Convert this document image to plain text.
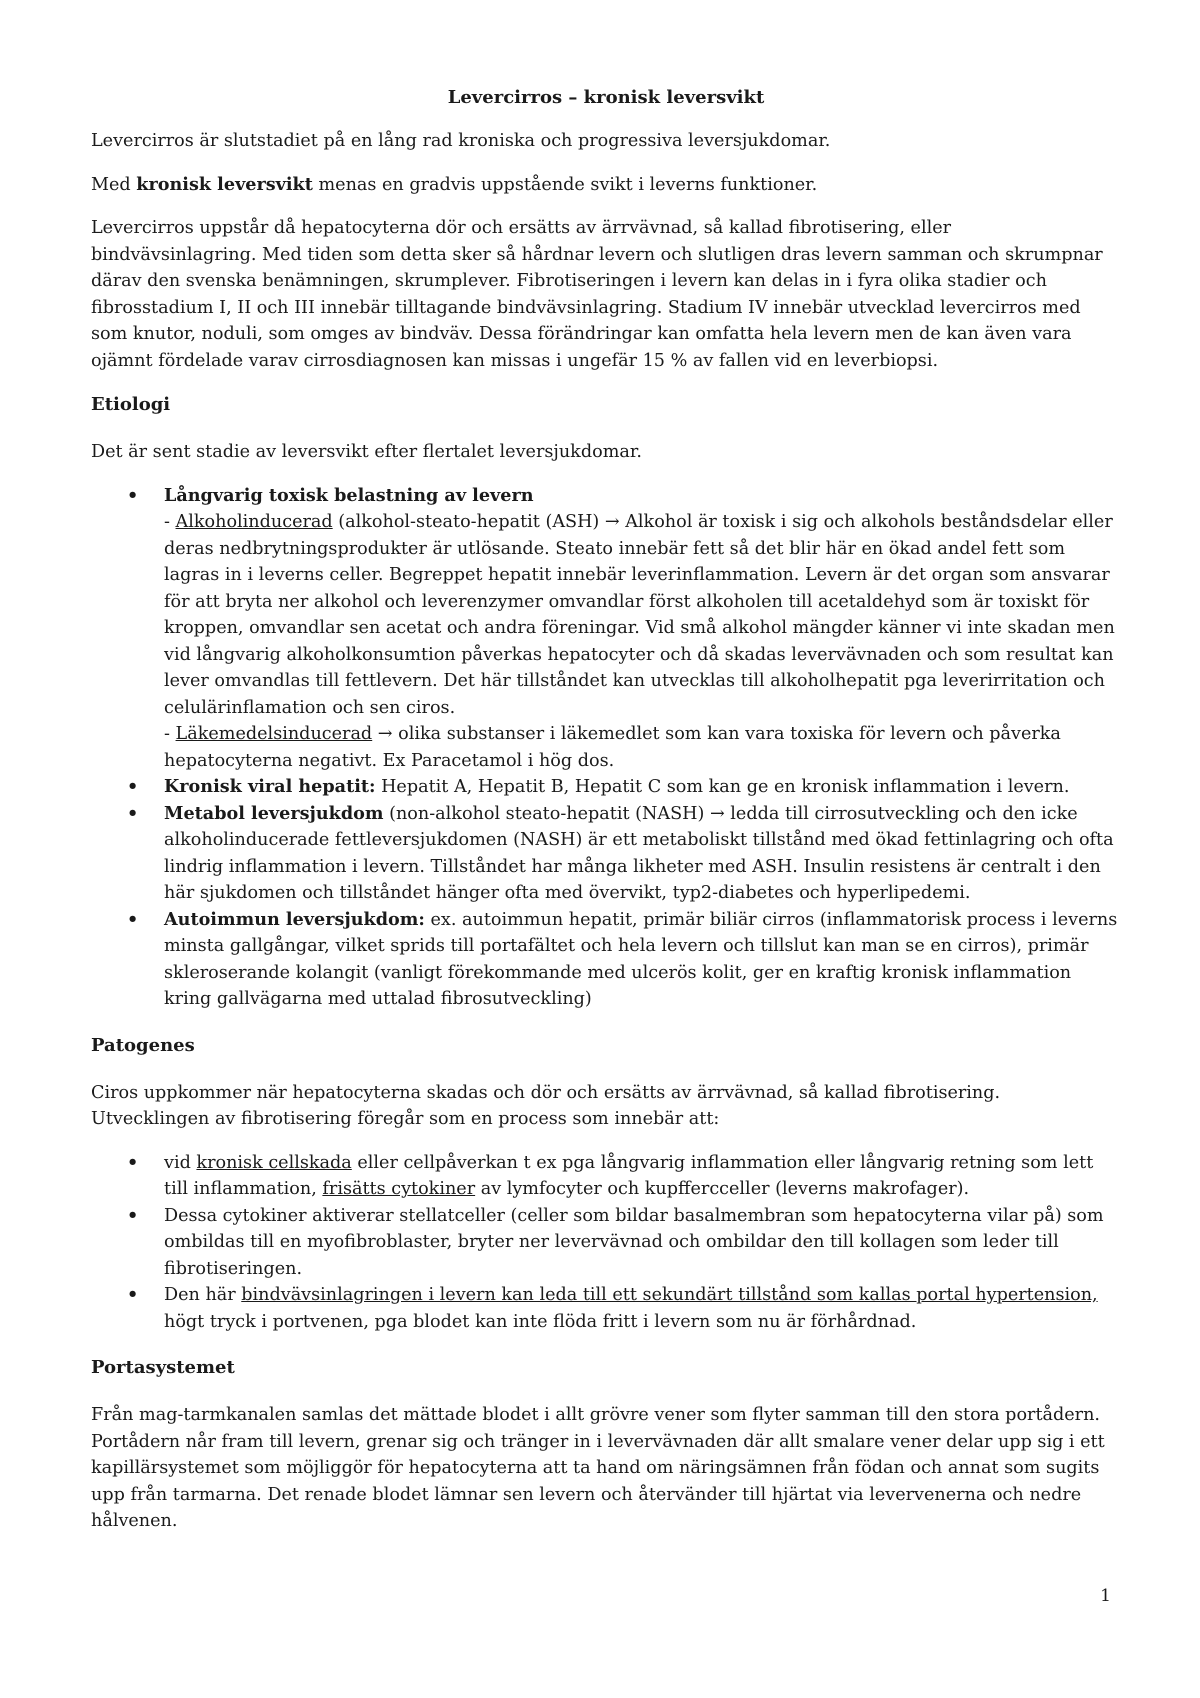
Levercirros – kronisk leversvikt

Levercirros är slutstadiet på en lång rad kroniska och progressiva leversjukdomar.

Med kronisk leversvikt menas en gradvis uppstående svikt i leverns funktioner.

Levercirros uppstår då hepatocyterna dör och ersätts av ärrvävnad, så kallad fibrotisering, eller bindvävsinlagring. Med tiden som detta sker så hårdnar levern och slutligen dras levern samman och skrumpnar därav den svenska benämningen, skrumplever. Fibrotiseringen i levern kan delas in i fyra olika stadier och fibrosstadium I, II och III innebär tilltagande bindvävsinlagring. Stadium IV innebär utvecklad levercirros med som knutor, noduli, som omges av bindväv. Dessa förändringar kan omfatta hela levern men de kan även vara ojämnt fördelade varav cirrosdiagnosen kan missas i ungefär 15 % av fallen vid en leverbiopsi.

Etiologi

Det är sent stadie av leversvikt efter flertalet leversjukdomar.

• Långvarig toxisk belastning av levern
- Alkoholinducerad (alkohol-steato-hepatit (ASH) → Alkohol är toxisk i sig och alkohols beståndsdelar eller deras nedbrytningsprodukter är utlösande. Steato innebär fett så det blir här en ökad andel fett som lagras in i leverns celler. Begreppet hepatit innebär leverinflammation. Levern är det organ som ansvarar för att bryta ner alkohol och leverenzymer omvandlar först alkoholen till acetaldehyd som är toxiskt för kroppen, omvandlar sen acetat och andra föreningar. Vid små alkohol mängder känner vi inte skadan men vid långvarig alkoholkonsumtion påverkas hepatocyter och då skadas levervävnaden och som resultat kan lever omvandlas till fettlevern. Det här tillståndet kan utvecklas till alkoholhepatit pga leverirritation och celulärinflamation och sen ciros.
- Läkemedelsinducerad → olika substanser i läkemedlet som kan vara toxiska för levern och påverka hepatocyterna negativt. Ex Paracetamol i hög dos.
• Kronisk viral hepatit: Hepatit A, Hepatit B, Hepatit C som kan ge en kronisk inflammation i levern.
• Metabol leversjukdom (non-alkohol steato-hepatit (NASH) → ledda till cirrosutveckling och den icke alkoholinducerade fettleversjukdomen (NASH) är ett metaboliskt tillstånd med ökad fettinlagring och ofta lindrig inflammation i levern. Tillståndet har många likheter med ASH. Insulin resistens är centralt i den här sjukdomen och tillståndet hänger ofta med övervikt, typ2-diabetes och hyperlipedemi.
• Autoimmun leversjukdom: ex. autoimmun hepatit, primär biliär cirros (inflammatorisk process i leverns minsta gallgångar, vilket sprids till portafältet och hela levern och tillslut kan man se en cirros), primär skleroserande kolangit (vanligt förekommande med ulcerös kolit, ger en kraftig kronisk inflammation kring gallvägarna med uttalad fibrosutveckling)
Patogenes

Ciros uppkommer när hepatocyterna skadas och dör och ersätts av ärrvävnad, så kallad fibrotisering. Utvecklingen av fibrotisering föregår som en process som innebär att:

• vid kronisk cellskada eller cellpåverkan t ex pga långvarig inflammation eller långvarig retning som lett till inflammation, frisätts cytokiner av lymfocyter och kupffercceller (leverns makrofager).
• Dessa cytokiner aktiverar stellatceller (celler som bildar basalmembran som hepatocyterna vilar på) som ombildas till en myofibroblaster, bryter ner levervävnad och ombildar den till kollagen som leder till fibrotiseringen.
• Den här bindvävsinlagringen i levern kan leda till ett sekundärt tillstånd som kallas portal hypertension, högt tryck i portvenen, pga blodet kan inte flöda fritt i levern som nu är förhårdnad.
Portasystemet

Från mag-tarmkanalen samlas det mättade blodet i allt grövre vener som flyter samman till den stora portådern. Portådern når fram till levern, grenar sig och tränger in i levervävnaden där allt smalare vener delar upp sig i ett kapillärsystemet som möjliggör för hepatocyterna att ta hand om näringsämnen från födan och annat som sugits upp från tarmarna. Det renade blodet lämnar sen levern och återvänder till hjärtat via levervenerna och nedre hålvenen.

1
